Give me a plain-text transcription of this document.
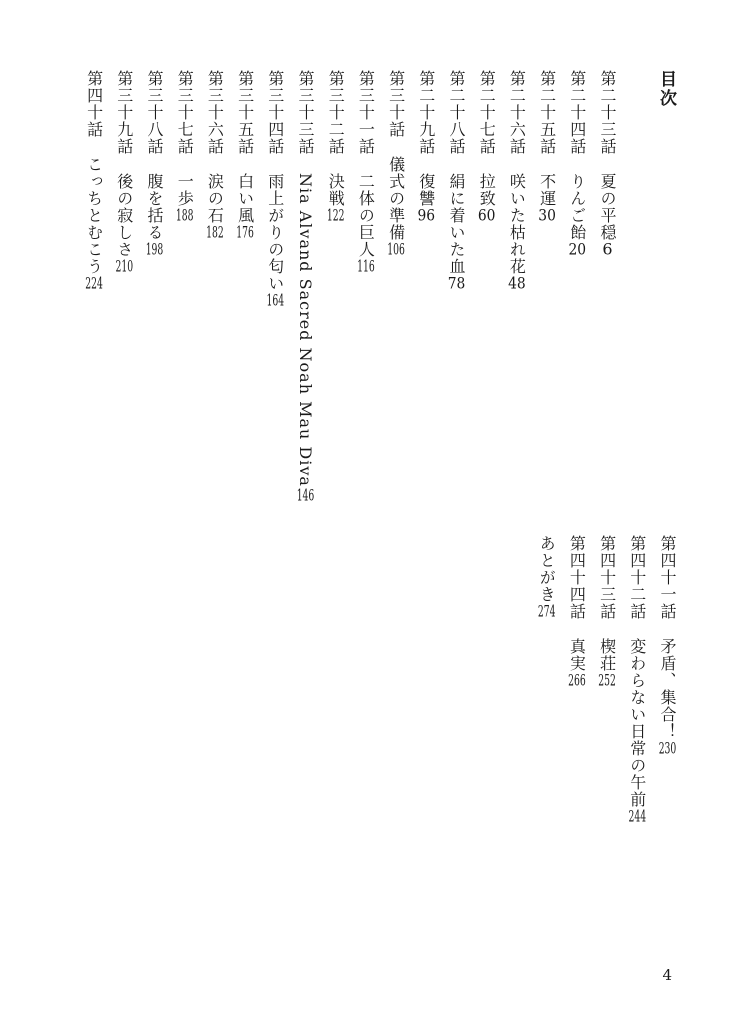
目次
第二十三話夏の平穏6
第二十四話りんご飴20
第二十五話不運30
第二十六話咲いた枯れ花48
第二十七話拉致60
第二十八話絹に着いた血78
第二十九話復讐96
第三十話儀式の準備106
第三十一話二体の巨人116
第三十二話決戦122
第三十三話Nia Alvand Sacred Noah Mau Diva146
第三十四話雨上がりの匂い164
第三十五話白い風176
第三十六話涙の石182
第三十七話一歩188
第三十八話腹を括る198
第三十九話後の寂しさ210
第四十話こっちとむこう224
第四十一話矛盾、集合！230
第四十二話変わらない日常の午前244
第四十三話楔荘252
第四十四話真実266
あとがき274
4
